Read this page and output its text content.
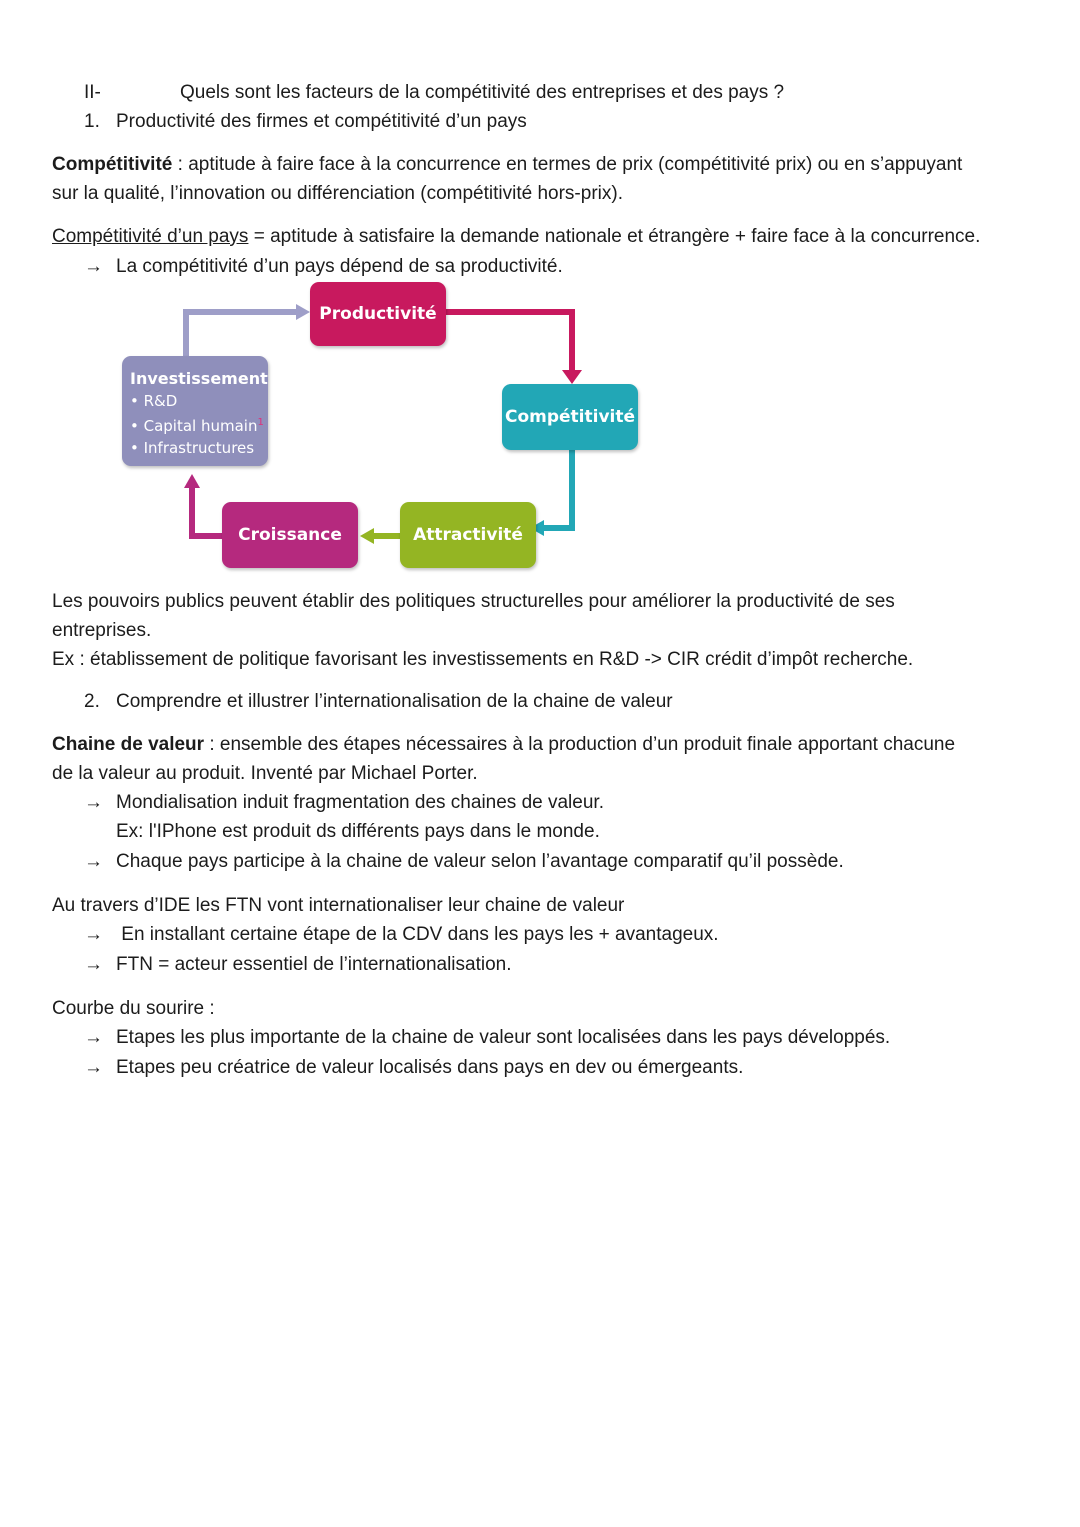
II-	Quels sont les facteurs de la compétitivité des entreprises et des pays ?
1. Productivité des firmes et compétitivité d’un pays
Compétitivité : aptitude à faire face à la concurrence en termes de prix (compétitivité prix) ou en s’appuyant
sur la qualité, l’innovation ou différenciation (compétitivité hors-prix).
Compétitivité d’un pays = aptitude à satisfaire la demande nationale et étrangère + faire face à la concurrence.
→ La compétitivité d’un pays dépend de sa productivité.
Productivité
Compétitivité
Attractivité
Croissance
Investissement
• R&D
• Capital humain$^1$
• Infrastructures
Les pouvoirs publics peuvent établir des politiques structurelles pour améliorer la productivité de ses
entreprises.
Ex : établissement de politique favorisant les investissements en R&D -> CIR crédit d’impôt recherche.
2. Comprendre et illustrer l’internationalisation de la chaine de valeur
Chaine de valeur : ensemble des étapes nécessaires à la production d’un produit finale apportant chacune
de la valeur au produit. Inventé par Michael Porter.
→ Mondialisation induit fragmentation des chaines de valeur.
Ex: l'IPhone est produit ds différents pays dans le monde.
→ Chaque pays participe à la chaine de valeur selon l’avantage comparatif qu’il possède.
Au travers d’IDE les FTN vont internationaliser leur chaine de valeur
→ En installant certaine étape de la CDV dans les pays les + avantageux.
→ FTN = acteur essentiel de l’internationalisation.
Courbe du sourire :
→ Etapes les plus importante de la chaine de valeur sont localisées dans les pays développés.
→ Etapes peu créatrice de valeur localisés dans pays en dev ou émergeants.
